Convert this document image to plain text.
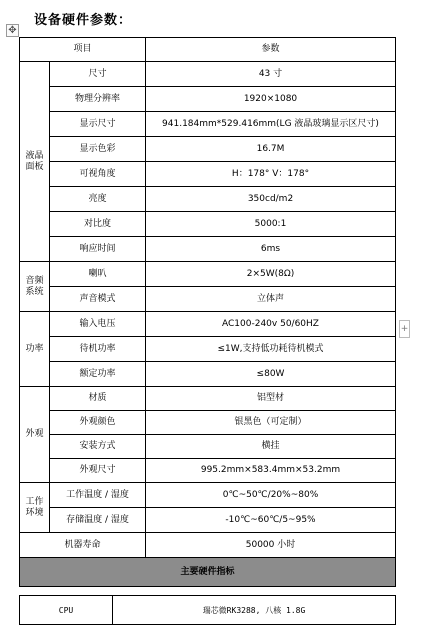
设备硬件参数：
✥
+
项目		参数
液晶
面板	尺寸	43 寸
	物理分辨率	1920×1080
	显示尺寸	941.184mm*529.416mm(LG 液晶玻璃显示区尺寸)
	显示色彩	16.7M
	可视角度	H：178° V：178°
	亮度	350cd/m2
	对比度	5000:1
	响应时间	6ms
音频
系统	喇叭	2×5W(8Ω)
	声音模式	立体声
功率	输入电压	AC100-240v 50/60HZ
	待机功率	≤1W,支持低功耗待机模式
	额定功率	≤80W
外观	材质	铝型材
	外观颜色	银黑色（可定制）
	安装方式	横挂
	外观尺寸	995.2mm×583.4mm×53.2mm
工作
环境	工作温度 / 湿度	0℃~50℃/20%~80%
	存储温度 / 湿度	-10℃~60℃/5~95%
机器寿命		50000 小时
主要硬件指标		
CPU	瑞芯微RK3288, 八核 1.8G
